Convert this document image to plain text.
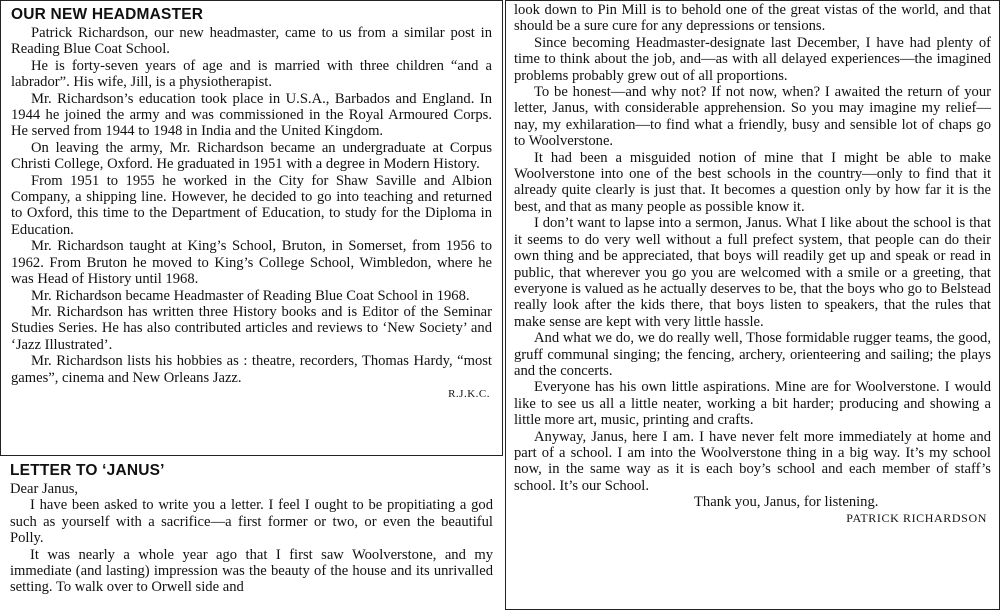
OUR NEW HEADMASTER

Patrick Richardson, our new headmaster, came to us from a similar post in Reading Blue Coat School.

He is forty-seven years of age and is married with three children “and a labrador”. His wife, Jill, is a physiotherapist.

Mr. Richardson’s education took place in U.S.A., Barbados and England. In 1944 he joined the army and was commissioned in the Royal Armoured Corps. He served from 1944 to 1948 in India and the United Kingdom.

On leaving the army, Mr. Richardson became an undergraduate at Corpus Christi College, Oxford. He graduated in 1951 with a degree in Modern History.

From 1951 to 1955 he worked in the City for Shaw Saville and Albion Company, a shipping line. However, he decided to go into teaching and returned to Oxford, this time to the Department of Education, to study for the Diploma in Education.

Mr. Richardson taught at King’s School, Bruton, in Somerset, from 1956 to 1962. From Bruton he moved to King’s College School, Wimbledon, where he was Head of History until 1968.

Mr. Richardson became Headmaster of Reading Blue Coat School in 1968.

Mr. Richardson has written three History books and is Editor of the Seminar Studies Series. He has also contributed articles and reviews to ‘New Society’ and ‘Jazz Illustrated’.

Mr. Richardson lists his hobbies as : theatre, recorders, Thomas Hardy, “most games”, cinema and New Orleans Jazz.

R.J.K.C.
LETTER TO ‘JANUS’

Dear Janus,

I have been asked to write you a letter. I feel I ought to be propitiating a god such as yourself with a sacrifice—a first former or two, or even the beautiful Polly.

It was nearly a whole year ago that I first saw Woolverstone, and my immediate (and lasting) impression was the beauty of the house and its unrivalled setting. To walk over to Orwell side and

look down to Pin Mill is to behold one of the great vistas of the world, and that should be a sure cure for any depressions or tensions.

Since becoming Headmaster-designate last December, I have had plenty of time to think about the job, and—as with all delayed experiences—the imagined problems probably grew out of all proportions.

To be honest—and why not? If not now, when? I awaited the return of your letter, Janus, with considerable apprehension. So you may imagine my relief—nay, my exhilaration—to find what a friendly, busy and sensible lot of chaps go to Woolverstone.

It had been a misguided notion of mine that I might be able to make Woolverstone into one of the best schools in the country—only to find that it already quite clearly is just that. It becomes a question only by how far it is the best, and that as many people as possible know it.

I don’t want to lapse into a sermon, Janus. What I like about the school is that it seems to do very well without a full prefect system, that people can do their own thing and be appreciated, that boys will readily get up and speak or read in public, that wherever you go you are welcomed with a smile or a greeting, that everyone is valued as he actually deserves to be, that the boys who go to Belstead really look after the kids there, that boys listen to speakers, that the rules that make sense are kept with very little hassle.

And what we do, we do really well, Those formidable rugger teams, the good, gruff communal singing; the fencing, archery, orienteering and sailing; the plays and the concerts.

Everyone has his own little aspirations. Mine are for Woolverstone. I would like to see us all a little neater, working a bit harder; producing and showing a little more art, music, printing and crafts.

Anyway, Janus, here I am. I have never felt more immediately at home and part of a school. I am into the Woolverstone thing in a big way. It’s my school now, in the same way as it is each boy’s school and each member of staff’s school. It’s our School.

Thank you, Janus, for listening.

PATRICK RICHARDSON
